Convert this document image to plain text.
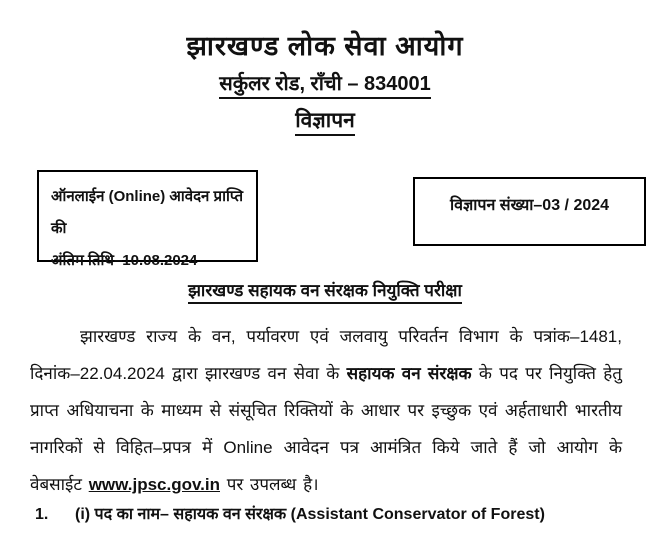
झारखण्ड लोक सेवा आयोग
सर्कुलर रोड, राँची – 834001
विज्ञापन
ऑनलाईन (Online) आवेदन प्राप्ति की
अंतिम तिथि–10.08.2024
विज्ञापन संख्या–03 / 2024
झारखण्ड सहायक वन संरक्षक नियुक्ति परीक्षा

झारखण्ड राज्य के वन, पर्यावरण एवं जलवायु परिवर्तन विभाग के पत्रांक–1481, दिनांक–22.04.2024 द्वारा झारखण्ड वन सेवा के सहायक वन संरक्षक के पद पर नियुक्ति हेतु प्राप्त अधियाचना के माध्यम से संसूचित रिक्तियों के आधार पर इच्छुक एवं अर्हताधारी भारतीय नागरिकों से विहित–प्रपत्र में Online आवेदन पत्र आमंत्रित किये जाते हैं जो आयोग के वेबसाईट www.jpsc.gov.in पर उपलब्ध है।

1. (i) पद का नाम– सहायक वन संरक्षक (Assistant Conservator of Forest)
